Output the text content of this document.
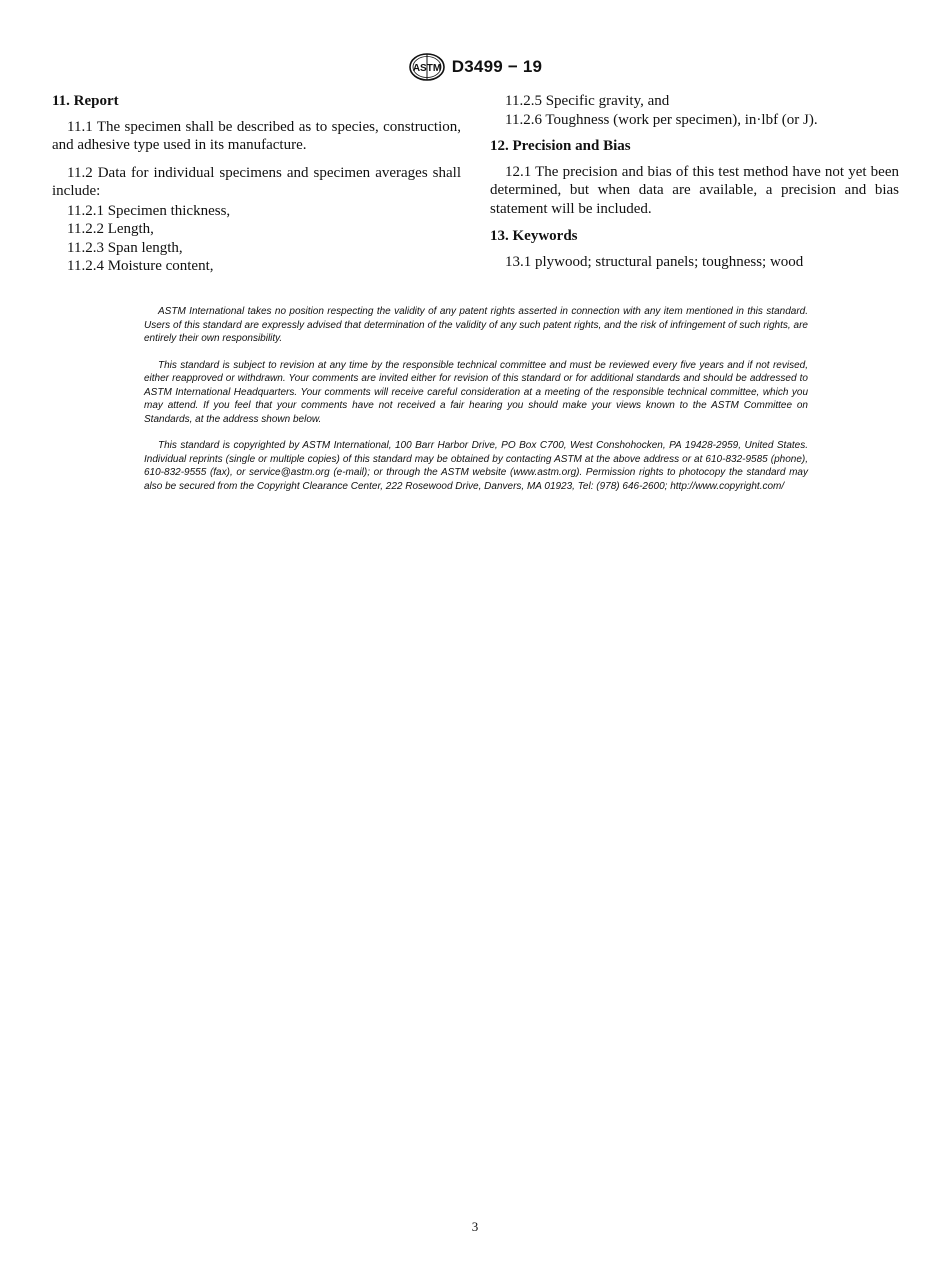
ASTM D3499 − 19

11. Report

11.1 The specimen shall be described as to species, construction, and adhesive type used in its manufacture.

11.2 Data for individual specimens and specimen averages shall include:

11.2.1 Specimen thickness,

11.2.2 Length,

11.2.3 Span length,

11.2.4 Moisture content,

11.2.5 Specific gravity, and

11.2.6 Toughness (work per specimen), in·lbf (or J).

12. Precision and Bias

12.1 The precision and bias of this test method have not yet been determined, but when data are available, a precision and bias statement will be included.

13. Keywords

13.1 plywood; structural panels; toughness; wood

ASTM International takes no position respecting the validity of any patent rights asserted in connection with any item mentioned in this standard. Users of this standard are expressly advised that determination of the validity of any such patent rights, and the risk of infringement of such rights, are entirely their own responsibility.

This standard is subject to revision at any time by the responsible technical committee and must be reviewed every five years and if not revised, either reapproved or withdrawn. Your comments are invited either for revision of this standard or for additional standards and should be addressed to ASTM International Headquarters. Your comments will receive careful consideration at a meeting of the responsible technical committee, which you may attend. If you feel that your comments have not received a fair hearing you should make your views known to the ASTM Committee on Standards, at the address shown below.

This standard is copyrighted by ASTM International, 100 Barr Harbor Drive, PO Box C700, West Conshohocken, PA 19428-2959, United States. Individual reprints (single or multiple copies) of this standard may be obtained by contacting ASTM at the above address or at 610-832-9585 (phone), 610-832-9555 (fax), or service@astm.org (e-mail); or through the ASTM website (www.astm.org). Permission rights to photocopy the standard may also be secured from the Copyright Clearance Center, 222 Rosewood Drive, Danvers, MA 01923, Tel: (978) 646-2600; http://www.copyright.com/

3
